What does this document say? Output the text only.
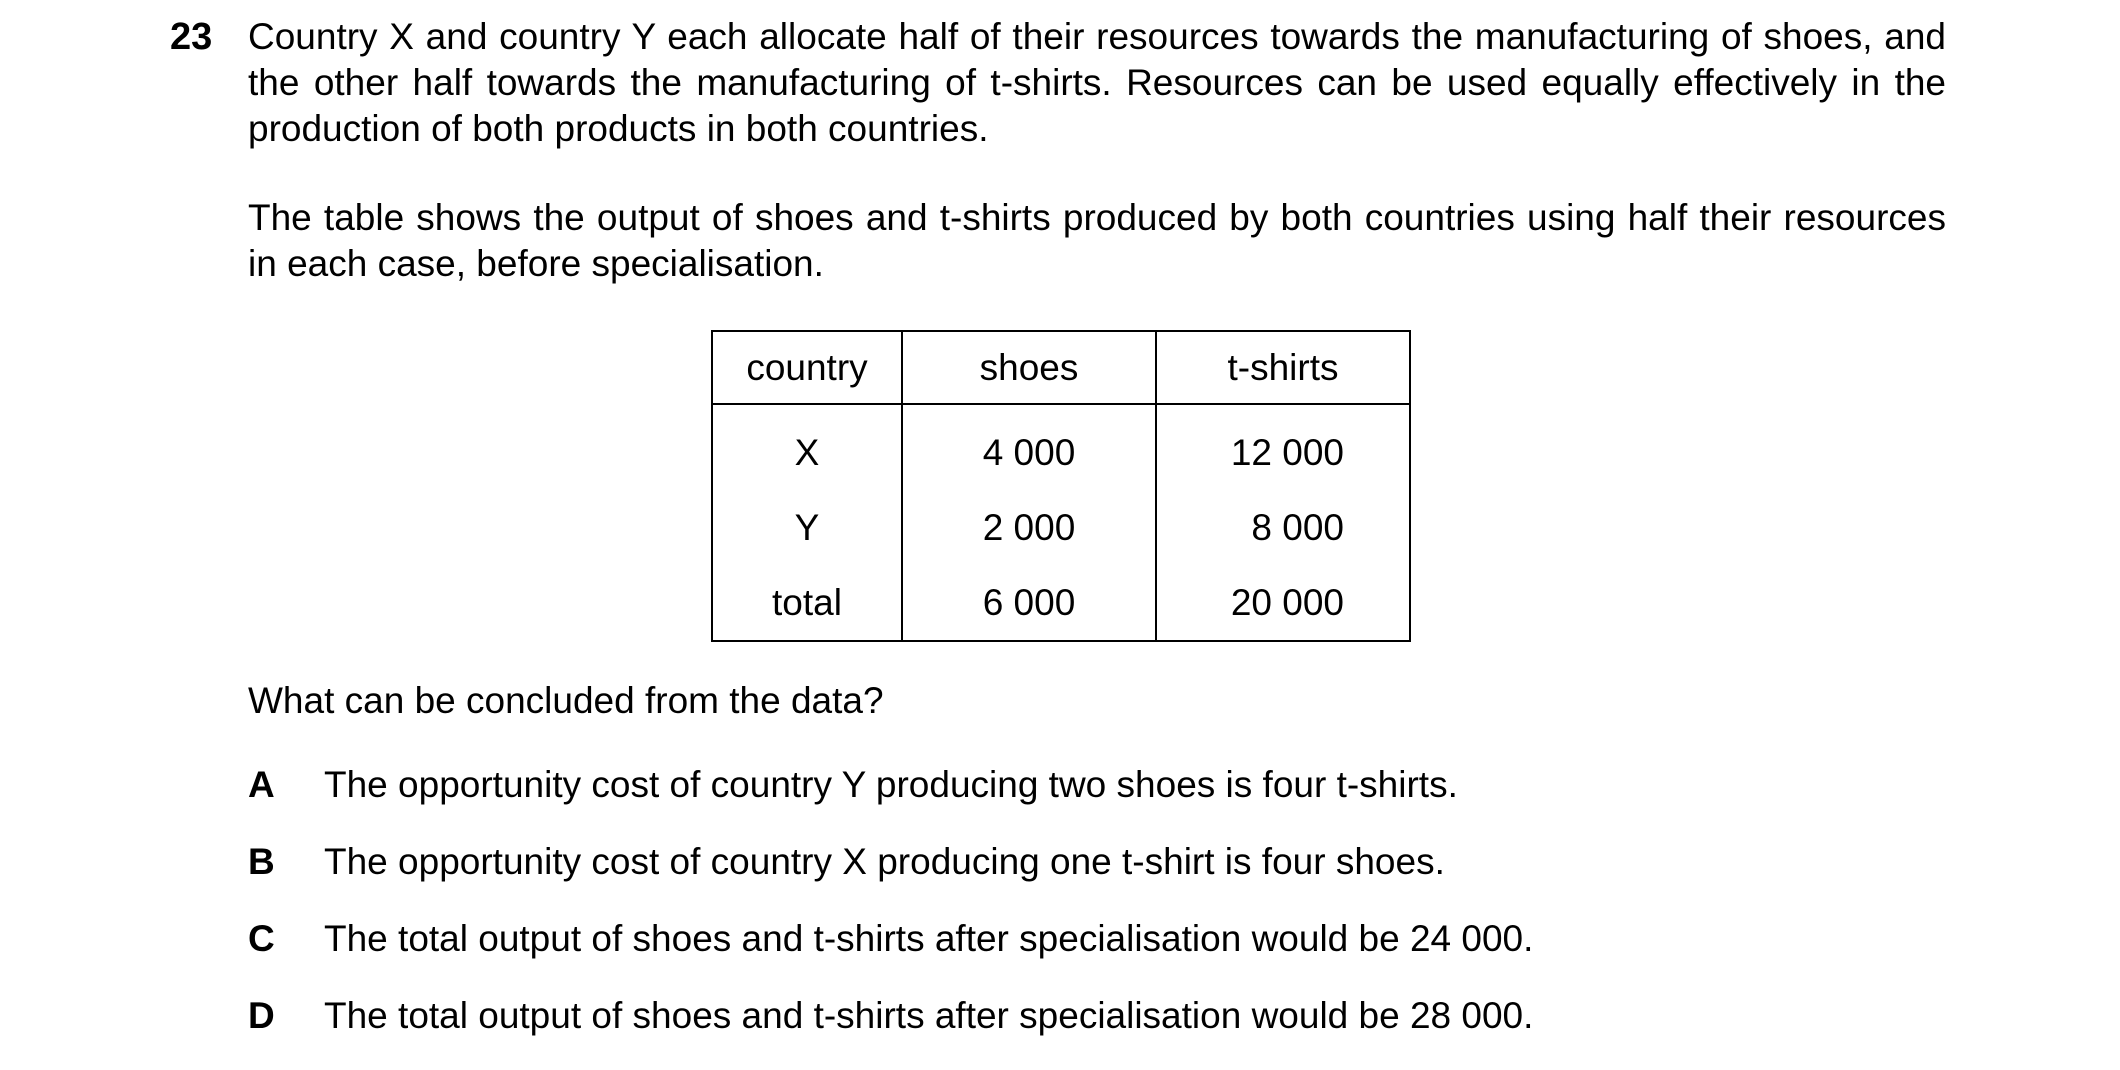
23 Country X and country Y each allocate half of their resources towards the manufacturing of shoes, and the other half towards the manufacturing of t-shirts. Resources can be used equally effectively in the production of both products in both countries.

The table shows the output of shoes and t-shirts produced by both countries using half their resources in each case, before specialisation.

country	shoes	t-shirts
X	4 000	12 000
Y	2 000	8 000
total	6 000	20 000
What can be concluded from the data?
A The opportunity cost of country Y producing two shoes is four t-shirts.
B The opportunity cost of country X producing one t-shirt is four shoes.
C The total output of shoes and t-shirts after specialisation would be 24 000.
D The total output of shoes and t-shirts after specialisation would be 28 000.
